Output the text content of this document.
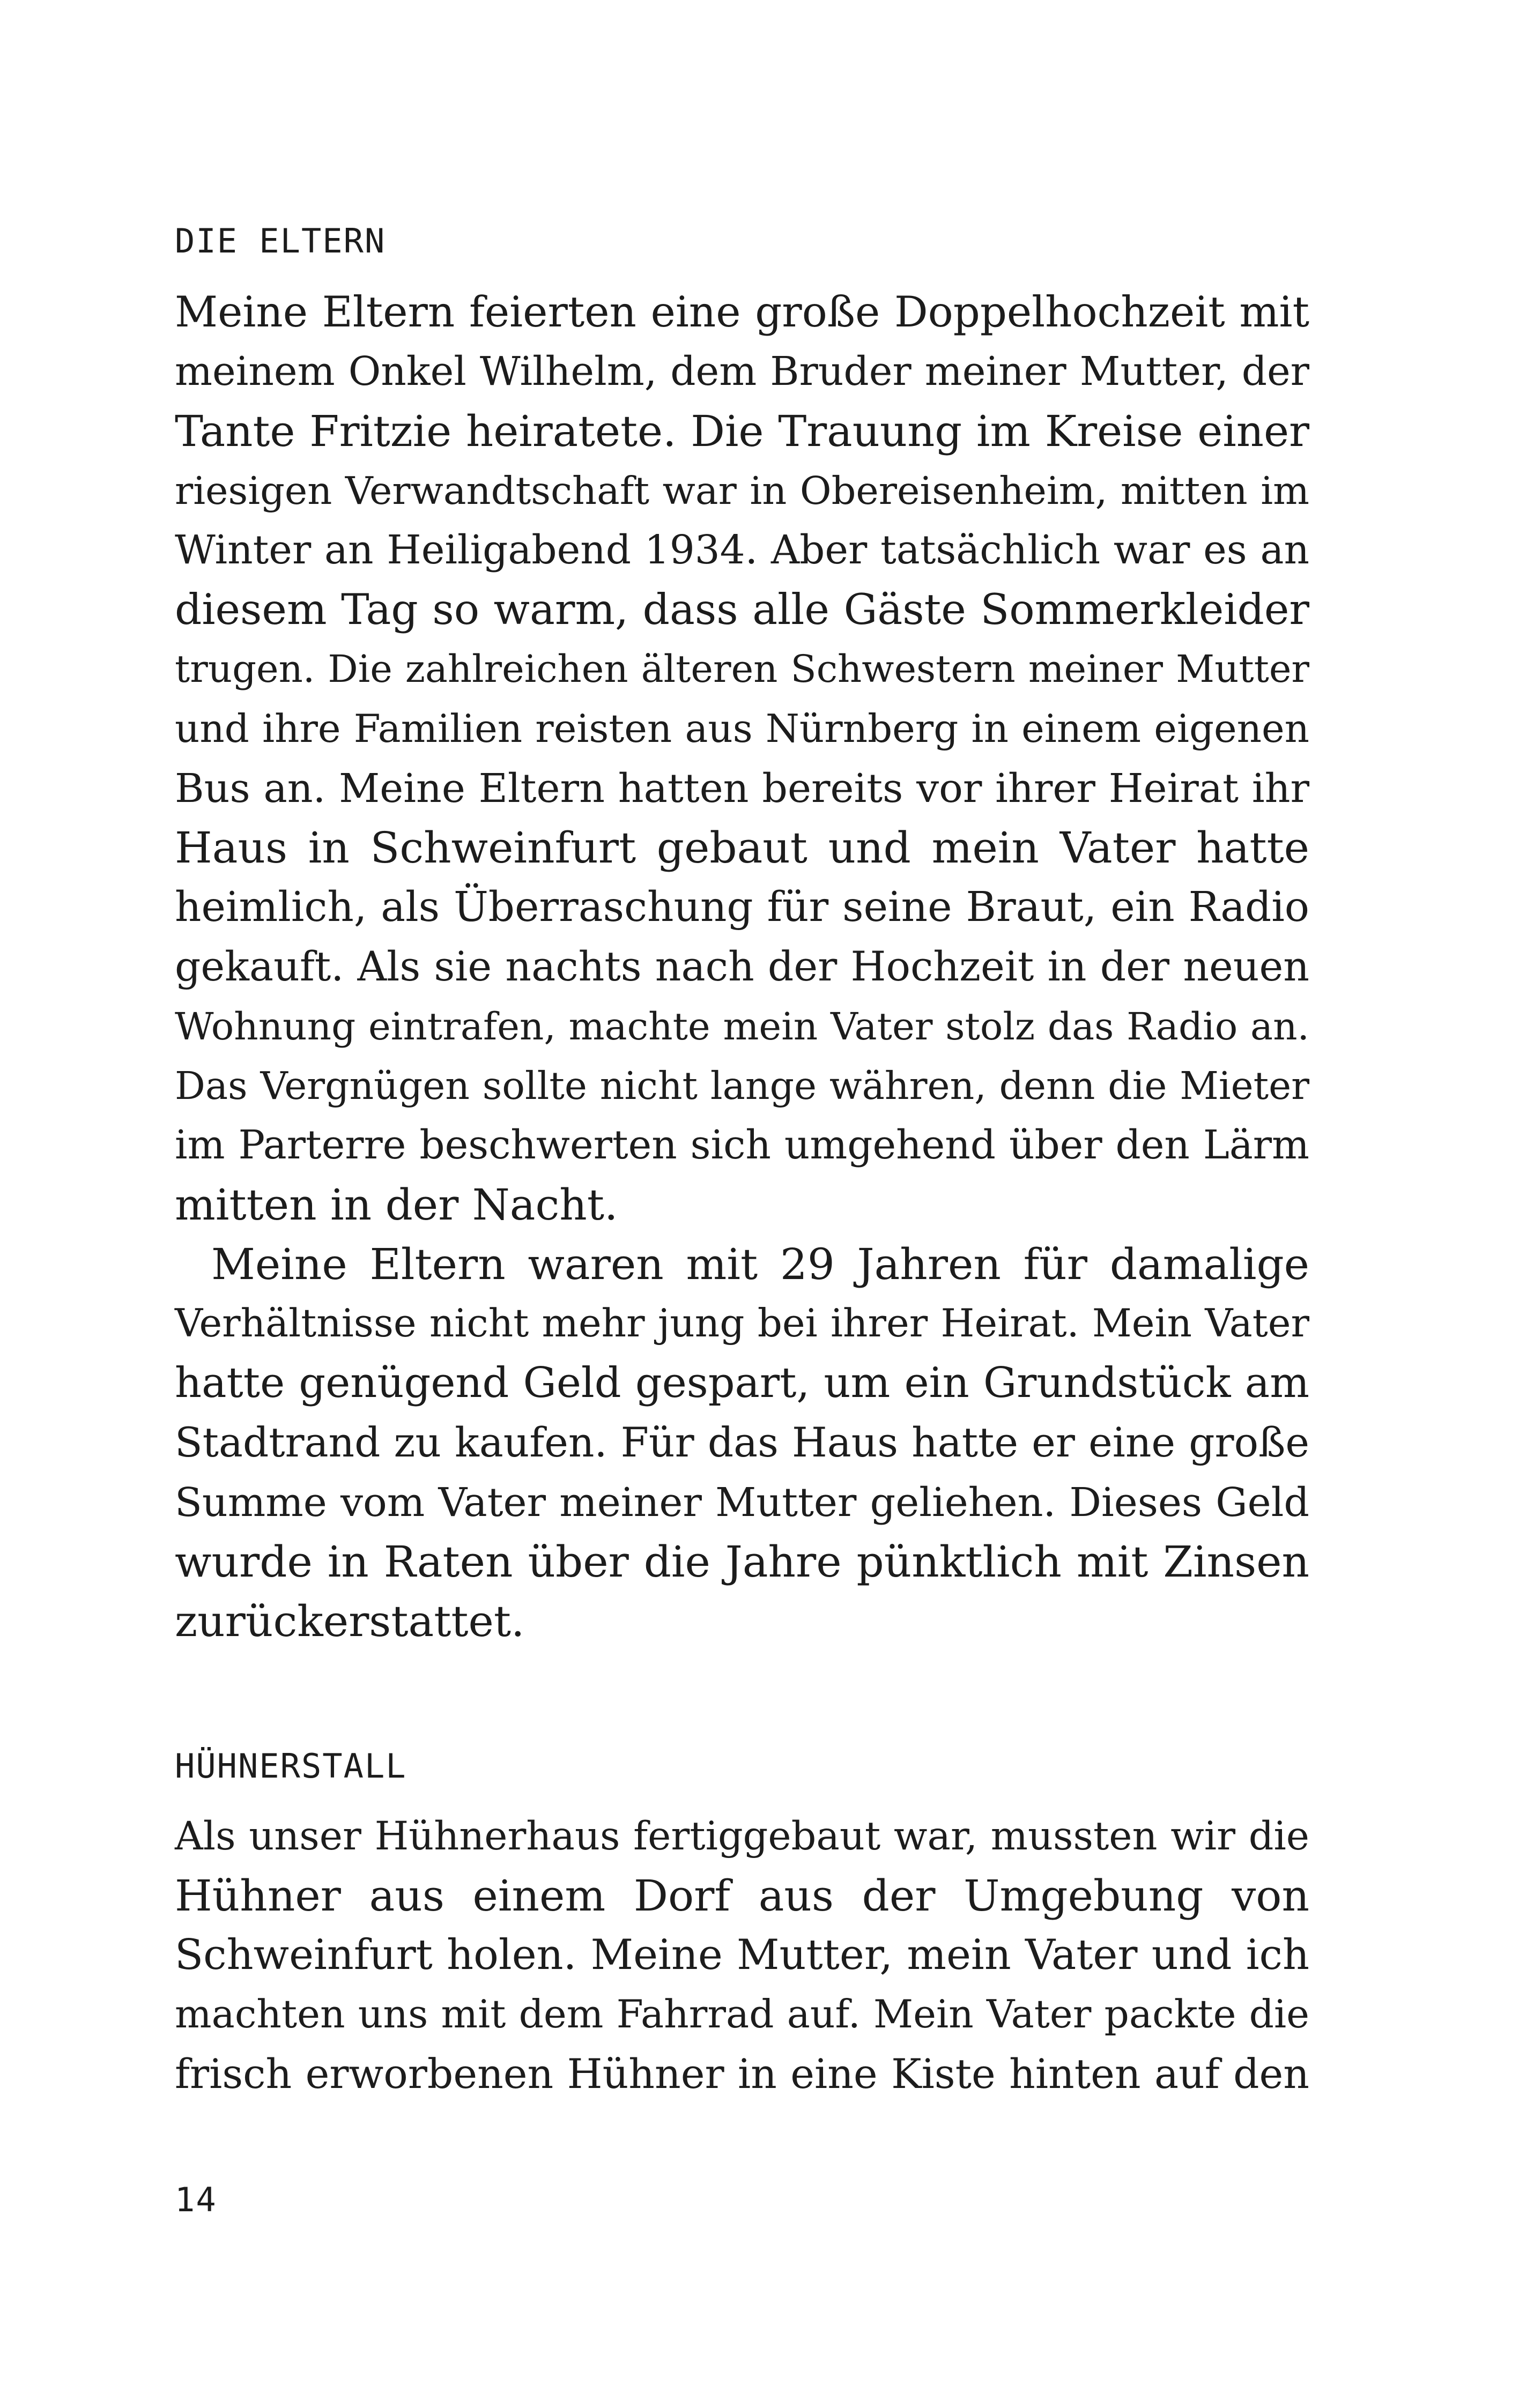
DIE ELTERN
Meine Eltern feierten eine große Doppelhochzeit mit
meinem Onkel Wilhelm, dem Bruder meiner Mutter, der
Tante Fritzie heiratete. Die Trauung im Kreise einer
riesigen Verwandtschaft war in Obereisenheim, mitten im
Winter an Heiligabend 1934. Aber tatsächlich war es an
diesem Tag so warm, dass alle Gäste Sommerkleider
trugen. Die zahlreichen älteren Schwestern meiner Mutter
und ihre Familien reisten aus Nürnberg in einem eigenen
Bus an. Meine Eltern hatten bereits vor ihrer Heirat ihr
Haus in Schweinfurt gebaut und mein Vater hatte
heimlich, als Überraschung für seine Braut, ein Radio
gekauft. Als sie nachts nach der Hochzeit in der neuen
Wohnung eintrafen, machte mein Vater stolz das Radio an.
Das Vergnügen sollte nicht lange währen, denn die Mieter
im Parterre beschwerten sich umgehend über den Lärm
mitten in der Nacht.
Meine Eltern waren mit 29 Jahren für damalige
Verhältnisse nicht mehr jung bei ihrer Heirat. Mein Vater
hatte genügend Geld gespart, um ein Grundstück am
Stadtrand zu kaufen. Für das Haus hatte er eine große
Summe vom Vater meiner Mutter geliehen. Dieses Geld
wurde in Raten über die Jahre pünktlich mit Zinsen
zurückerstattet.
HÜHNERSTALL
Als unser Hühnerhaus fertiggebaut war, mussten wir die
Hühner aus einem Dorf aus der Umgebung von
Schweinfurt holen. Meine Mutter, mein Vater und ich
machten uns mit dem Fahrrad auf. Mein Vater packte die
frisch erworbenen Hühner in eine Kiste hinten auf den
14
